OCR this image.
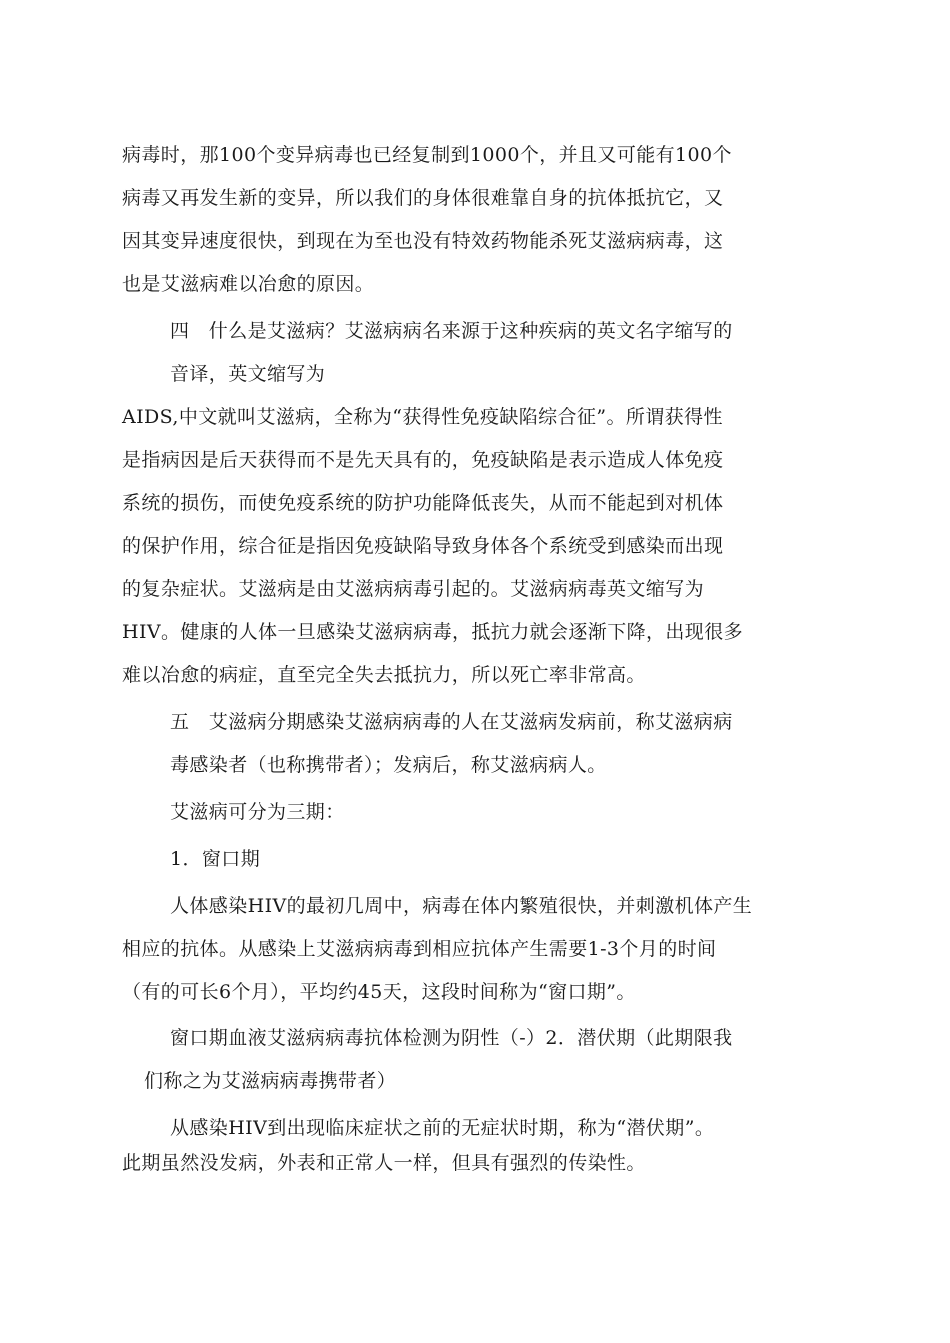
病毒时，那100个变异病毒也已经复制到1000个，并且又可能有100个
病毒又再发生新的变异，所以我们的身体很难靠自身的抗体抵抗它，又
因其变异速度很快，到现在为至也没有特效药物能杀死艾滋病病毒，这
也是艾滋病难以冶愈的原因。
四　什么是艾滋病？艾滋病病名来源于这种疾病的英文名字缩写的
音译，英文缩写为
AIDS,中文就叫艾滋病，全称为“获得性免疫缺陷综合征”。所谓获得性
是指病因是后天获得而不是先天具有的，免疫缺陷是表示造成人体免疫
系统的损伤，而使免疫系统的防护功能降低丧失，从而不能起到对机体
的保护作用，综合征是指因免疫缺陷导致身体各个系统受到感染而出现
的复杂症状。艾滋病是由艾滋病病毒引起的。艾滋病病毒英文缩写为
HIV。健康的人体一旦感染艾滋病病毒，抵抗力就会逐渐下降，出现很多
难以冶愈的病症，直至完全失去抵抗力，所以死亡率非常高。
五　艾滋病分期感染艾滋病病毒的人在艾滋病发病前，称艾滋病病
毒感染者（也称携带者）；发病后，称艾滋病病人。
艾滋病可分为三期：
1．窗口期
人体感染HIV的最初几周中，病毒在体内繁殖很快，并刺激机体产生
相应的抗体。从感染上艾滋病病毒到相应抗体产生需要1-3个月的时间
（有的可长6个月），平均约45天，这段时间称为“窗口期”。
窗口期血液艾滋病病毒抗体检测为阴性（-）2．潜伏期（此期限我
们称之为艾滋病病毒携带者）
从感染HIV到出现临床症状之前的无症状时期，称为“潜伏期”。
此期虽然没发病，外表和正常人一样，但具有强烈的传染性。
